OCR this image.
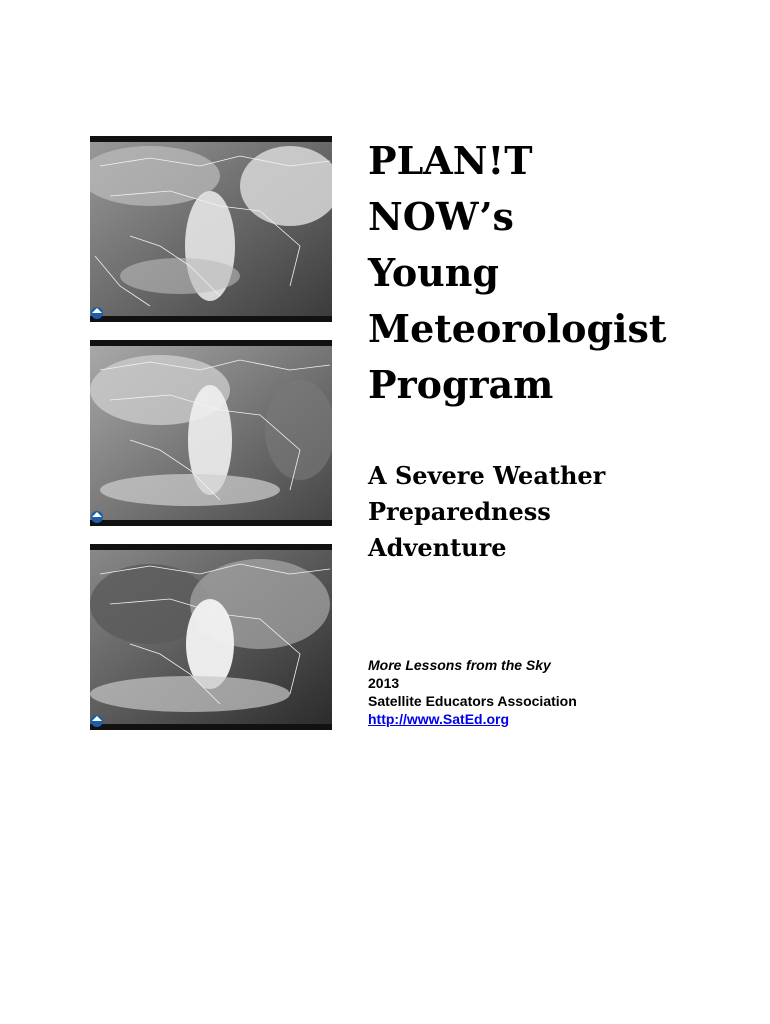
PLAN!T
NOW’s
Young
Meteorologist
Program
A Severe Weather
Preparedness
Adventure
More Lessons from the Sky
2013
Satellite Educators Association
http://www.SatEd.org
